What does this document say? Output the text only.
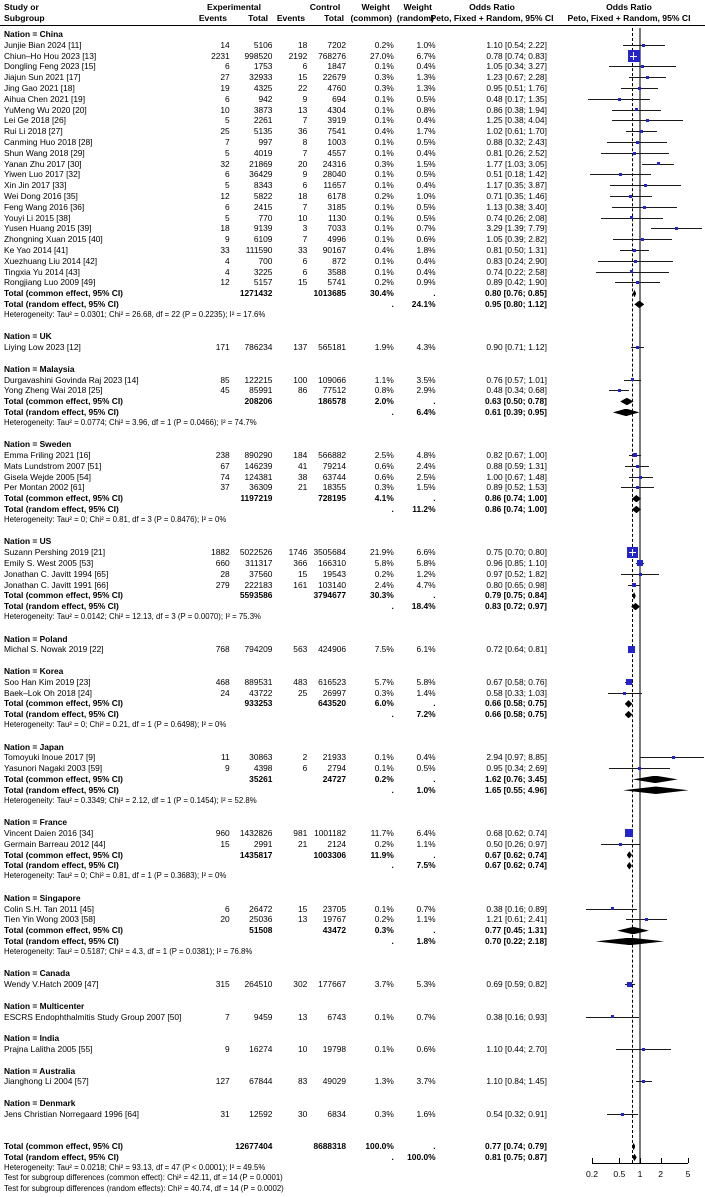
Study or
Subgroup
Experimental	Control
Events Total Events Total
Weight
(common)
Weight
(random)
Odds Ratio
Peto, Fixed + Random, 95% CI
Odds Ratio
Peto, Fixed + Random, 95% CI
Nation = China
Junjie Bian 2024 [11]	14	5106	18	7202	0.2%	1.0%	1.10 [0.54; 2.22]
Chiun–Ho Hou 2023 [13]	2231	998520	2192	768276	27.0%	6.7%	0.78 [0.74; 0.83]
Dongling Feng 2023 [15]	6	1753	6	1847	0.1%	0.4%	1.05 [0.34; 3.27]
Jiajun Sun 2021 [17]	27	32933	15	22679	0.3%	1.3%	1.23 [0.67; 2.28]
Jing Gao 2021 [18]	19	4325	22	4760	0.3%	1.3%	0.95 [0.51; 1.76]
Aihua Chen 2021 [19]	6	942	9	694	0.1%	0.5%	0.48 [0.17; 1.35]
YuMeng Wu 2020 [20]	10	3873	13	4304	0.1%	0.8%	0.86 [0.38; 1.94]
Lei Ge 2018 [26]	5	2261	7	3919	0.1%	0.4%	1.25 [0.38; 4.04]
Rui Li 2018 [27]	25	5135	36	7541	0.4%	1.7%	1.02 [0.61; 1.70]
Canming Huo 2018 [28]	7	997	8	1003	0.1%	0.5%	0.88 [0.32; 2.43]
Shun Wang 2018 [29]	5	4019	7	4557	0.1%	0.4%	0.81 [0.26; 2.52]
Yanan Zhu 2017 [30]	32	21869	20	24316	0.3%	1.5%	1.77 [1.03; 3.05]
Yiwen Luo 2017 [32]	6	36429	9	28040	0.1%	0.5%	0.51 [0.18; 1.42]
Xin Jin 2017 [33]	5	8343	6	11657	0.1%	0.4%	1.17 [0.35; 3.87]
Wei Dong 2016 [35]	12	5822	18	6178	0.2%	1.0%	0.71 [0.35; 1.46]
Feng Wang 2016 [36]	6	2415	7	3185	0.1%	0.5%	1.13 [0.38; 3.40]
Youyi Li 2015 [38]	5	770	10	1130	0.1%	0.5%	0.74 [0.26; 2.08]
Yusen Huang 2015 [39]	18	9139	3	7033	0.1%	0.7%	3.29 [1.39; 7.79]
Zhongning Xuan 2015 [40]	9	6109	7	4996	0.1%	0.6%	1.05 [0.39; 2.82]
Ke Yao 2014 [41]	33	111590	33	90167	0.4%	1.8%	0.81 [0.50; 1.31]
Xuezhuang Liu 2014 [42]	4	700	6	872	0.1%	0.4%	0.83 [0.24; 2.90]
Tingxia Yu 2014 [43]	4	3225	6	3588	0.1%	0.4%	0.74 [0.22; 2.58]
Rongjiang Luo 2009 [49]	12	5157	15	5741	0.2%	0.9%	0.89 [0.42; 1.90]
Total (common effect, 95% CI)	1271432	1013685	30.4%	.	0.80 [0.76; 0.85]
Total (random effect, 95% CI)	.	24.1%	0.95 [0.80; 1.12]
Heterogeneity: Tau² = 0.0301; Chi² = 26.68, df = 22 (P = 0.2235); I² = 17.6%
Nation = UK
Liying Low 2023 [12]	171	786234	137	565181	1.9%	4.3%	0.90 [0.71; 1.12]
Nation = Malaysia
Durgavashini Govinda Raj 2023 [14]	85	122215	100	109066	1.1%	3.5%	0.76 [0.57; 1.01]
Yong Zheng Wai 2018 [25]	45	85991	86	77512	0.8%	2.9%	0.48 [0.34; 0.68]
Total (common effect, 95% CI)	208206	186578	2.0%	.	0.63 [0.50; 0.78]
Total (random effect, 95% CI)	.	6.4%	0.61 [0.39; 0.95]
Heterogeneity: Tau² = 0.0774; Chi² = 3.96, df = 1 (P = 0.0466); I² = 74.7%
Nation = Sweden
Emma Friling 2021 [16]	238	890290	184	566882	2.5%	4.8%	0.82 [0.67; 1.00]
Mats Lundstrom 2007 [51]	67	146239	41	79214	0.6%	2.4%	0.88 [0.59; 1.31]
Gisela Wejde 2005 [54]	74	124381	38	63744	0.6%	2.5%	1.00 [0.67; 1.48]
Per Montan 2002 [61]	37	36309	21	18355	0.3%	1.5%	0.89 [0.52; 1.53]
Total (common effect, 95% CI)	1197219	728195	4.1%	.	0.86 [0.74; 1.00]
Total (random effect, 95% CI)	.	11.2%	0.86 [0.74; 1.00]
Heterogeneity: Tau² = 0; Chi² = 0.81, df = 3 (P = 0.8476); I² = 0%
Nation = US
Suzann Pershing 2019 [21]	1882	5022526	1746 3505684	21.9%	6.6%	0.75 [0.70; 0.80]
Emily S. West 2005 [53]	660	311317	366	166310	5.8%	5.8%	0.96 [0.85; 1.10]
Jonathan C. Javitt 1994 [65]	28	37560	15	19543	0.2%	1.2%	0.97 [0.52; 1.82]
Jonathan C. Javitt 1991 [66]	279	222183	161	103140	2.4%	4.7%	0.80 [0.65; 0.98]
Total (common effect, 95% CI)	5593586	3794677	30.3%	.	0.79 [0.75; 0.84]
Total (random effect, 95% CI)	.	18.4%	0.83 [0.72; 0.97]
Heterogeneity: Tau² = 0.0142; Chi² = 12.13, df = 3 (P = 0.0070); I² = 75.3%
Nation = Poland
Michal S. Nowak 2019 [22]	768	794209	563	424906	7.5%	6.1%	0.72 [0.64; 0.81]
Nation = Korea
Soo Han Kim 2019 [23]	468	889531	483	616523	5.7%	5.8%	0.67 [0.58; 0.76]
Baek–Lok Oh 2018 [24]	24	43722	25	26997	0.3%	1.4%	0.58 [0.33; 1.03]
Total (common effect, 95% CI)	933253	643520	6.0%	.	0.66 [0.58; 0.75]
Total (random effect, 95% CI)	.	7.2%	0.66 [0.58; 0.75]
Heterogeneity: Tau² = 0; Chi² = 0.21, df = 1 (P = 0.6498); I² = 0%
Nation = Japan
Tomoyuki Inoue 2017 [9]	11	30863	2	21933	0.1%	0.4%	2.94 [0.97; 8.85]
Yasunori Nagaki 2003 [59]	9	4398	6	2794	0.1%	0.5%	0.95 [0.34; 2.69]
Total (common effect, 95% CI)	35261	24727	0.2%	.	1.62 [0.76; 3.45]
Total (random effect, 95% CI)	.	1.0%	1.65 [0.55; 4.96]
Heterogeneity: Tau² = 0.3349; Chi² = 2.12, df = 1 (P = 0.1454); I² = 52.8%
Nation = France
Vincent Daien 2016 [34]	960	1432826	981 1001182	11.7%	6.4%	0.68 [0.62; 0.74]
Germain Barreau 2012 [44]	15	2991	21	2124	0.2%	1.1%	0.50 [0.26; 0.97]
Total (common effect, 95% CI)	1435817	1003306	11.9%	.	0.67 [0.62; 0.74]
Total (random effect, 95% CI)	.	7.5%	0.67 [0.62; 0.74]
Heterogeneity: Tau² = 0; Chi² = 0.81, df = 1 (P = 0.3683); I² = 0%
Nation = Singapore
Colin S.H. Tan 2011 [45]	6	26472	15	23705	0.1%	0.7%	0.38 [0.16; 0.89]
Tien Yin Wong 2003 [58]	20	25036	13	19767	0.2%	1.1%	1.21 [0.61; 2.41]
Total (common effect, 95% CI)	51508	43472	0.3%	.	0.77 [0.45; 1.31]
Total (random effect, 95% CI)	.	1.8%	0.70 [0.22; 2.18]
Heterogeneity: Tau² = 0.5187; Chi² = 4.3, df = 1 (P = 0.0381); I² = 76.8%
Nation = Canada
Wendy V.Hatch 2009 [47]	315	264510	302	177667	3.7%	5.3%	0.69 [0.59; 0.82]
Nation = Multicenter
ESCRS Endophthalmitis Study Group 2007 [50]	7	9459	13	6743	0.1%	0.7%	0.38 [0.16; 0.93]
Nation = India
Prajna Lalitha 2005 [55]	9	16274	10	19798	0.1%	0.6%	1.10 [0.44; 2.70]
Nation = Australia
Jianghong Li 2004 [57]	127	67844	83	49029	1.3%	3.7%	1.10 [0.84; 1.45]
Nation = Denmark
Jens Christian Norregaard 1996 [64]	31	12592	30	6834	0.3%	1.6%	0.54 [0.32; 0.91]
Total (common effect, 95% CI)	12677404	8688318	100.0%	.	0.77 [0.74; 0.79]
Total (random effect, 95% CI)	.	100.0%	0.81 [0.75; 0.87]
Heterogeneity: Tau² = 0.0218; Chi² = 93.13, df = 47 (P < 0.0001); I² = 49.5%
Test for subgroup differences (common effect): Chi² = 42.11, df = 14 (P = 0.0001)
Test for subgroup differences (random effects): Chi² = 40.74, df = 14 (P = 0.0002)
0.2 0.5 1 2	5
